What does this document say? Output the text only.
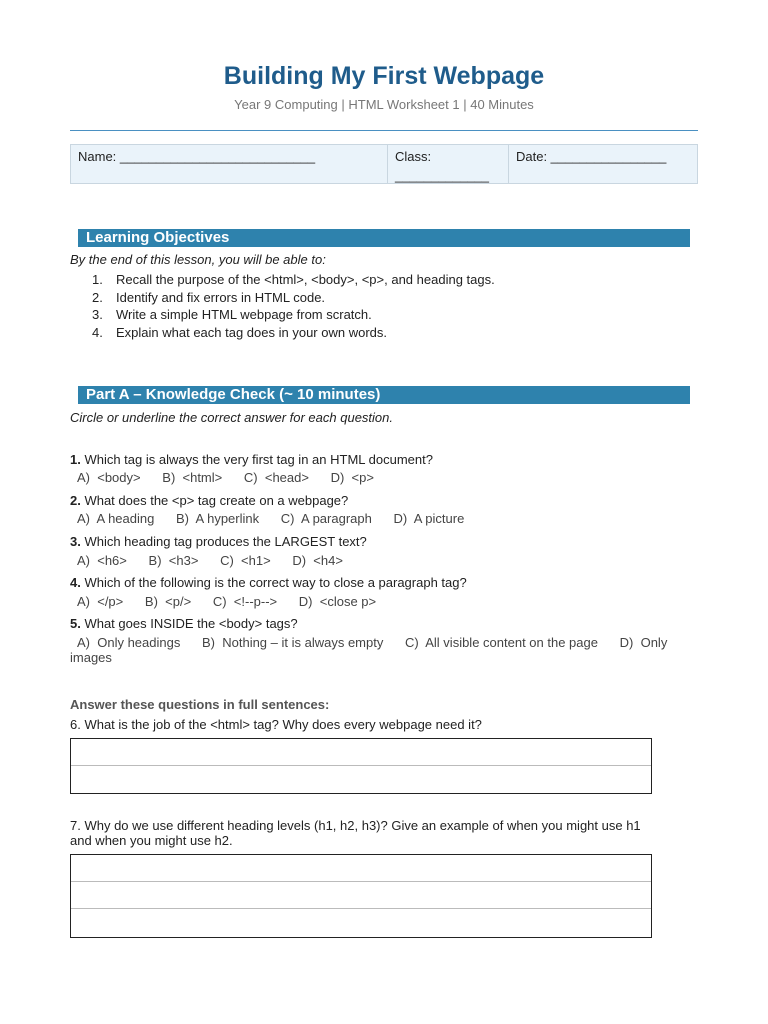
Building My First Webpage
Year 9 Computing | HTML Worksheet 1 | 40 Minutes
Name: ___________________________	Class:
_____________
Date: ________________
Learning Objectives
By the end of this lesson, you will be able to:
1. Recall the purpose of the <html>, <body>, <p>, and heading tags.
2. Identify and fix errors in HTML code.
3. Write a simple HTML webpage from scratch.
4. Explain what each tag does in your own words.
Part A – Knowledge Check (~ 10 minutes)
Circle or underline the correct answer for each question.
1. Which tag is always the very first tag in an HTML document?
A)  <body>      B)  <html>      C)  <head>      D)  <p>
2. What does the <p> tag create on a webpage?
A)  A heading      B)  A hyperlink      C)  A paragraph      D)  A picture
3. Which heading tag produces the LARGEST text?
A)  <h6>      B)  <h3>      C)  <h1>      D)  <h4>
4. Which of the following is the correct way to close a paragraph tag?
A)  </p>      B)  <p/>      C)  <!--p-->      D)  <close p>
5. What goes INSIDE the <body> tags?
A)  Only headings      B)  Nothing – it is always empty      C)  All visible content on the page      D)  Only
images
Answer these questions in full sentences:
6. What is the job of the <html> tag? Why does every webpage need it?
7. Why do we use different heading levels (h1, h2, h3)? Give an example of when you might use h1
and when you might use h2.
